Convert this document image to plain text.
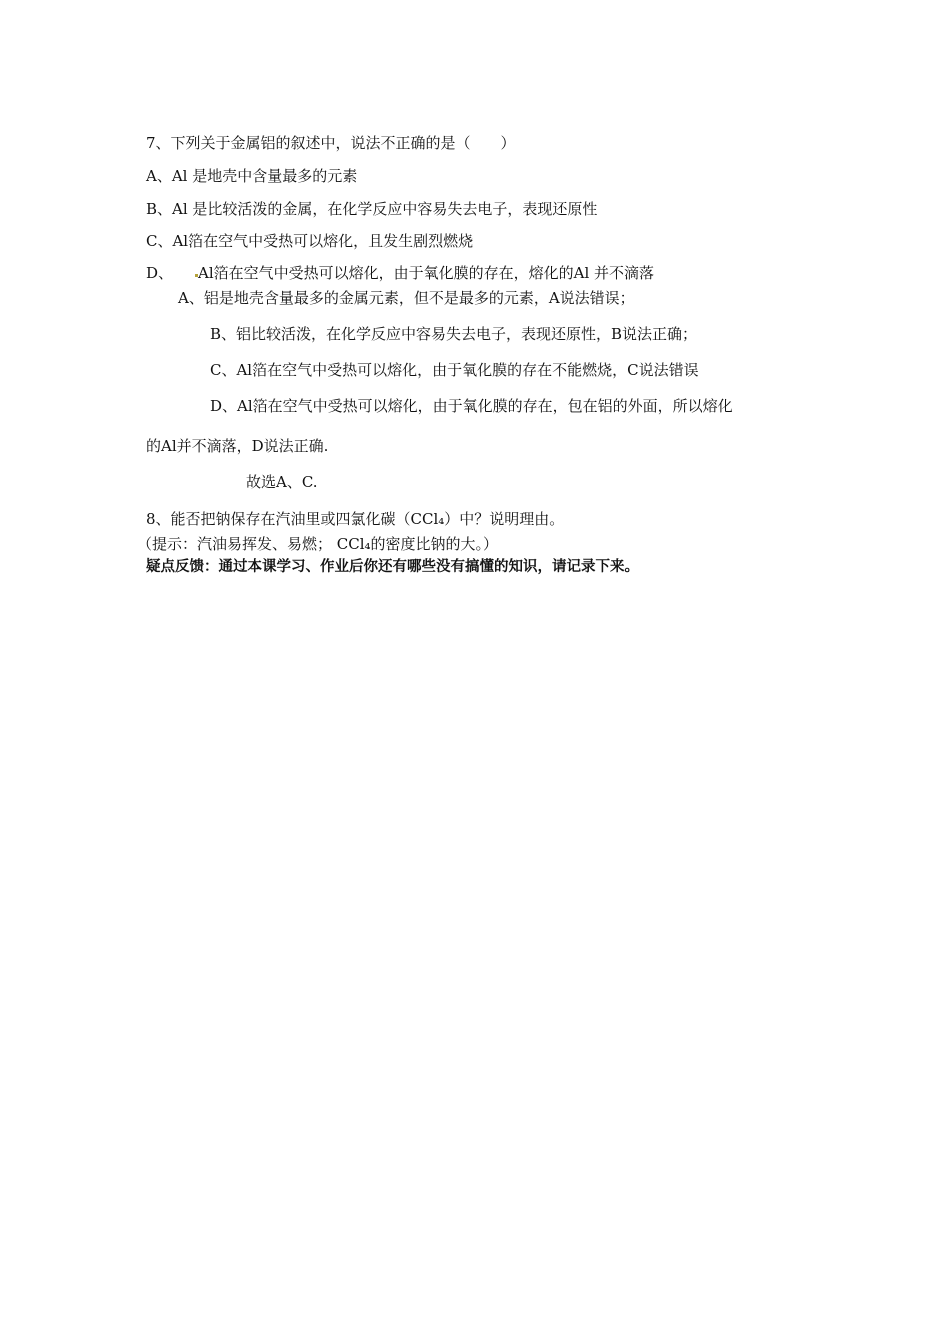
7、下列关于金属铝的叙述中，说法不正确的是（　　）
A、Al 是地壳中含量最多的元素
B、Al 是比较活泼的金属，在化学反应中容易失去电子，表现还原性
C、Al箔在空气中受热可以熔化，且发生剧烈燃烧
D、 Al箔在空气中受热可以熔化，由于氧化膜的存在，熔化的Al 并不滴落
A、铝是地壳含量最多的金属元素，但不是最多的元素，A说法错误；
B、铝比较活泼，在化学反应中容易失去电子，表现还原性，B说法正确；
C、Al箔在空气中受热可以熔化，由于氧化膜的存在不能燃烧，C说法错误
D、Al箔在空气中受热可以熔化，由于氧化膜的存在，包在铝的外面，所以熔化
的Al并不滴落，D说法正确.
故选A、C.
8、能否把钠保存在汽油里或四氯化碳（CCl₄）中？说明理由。
（提示：汽油易挥发、易燃； CCl₄的密度比钠的大。）
疑点反馈：通过本课学习、作业后你还有哪些没有搞懂的知识，请记录下来。
